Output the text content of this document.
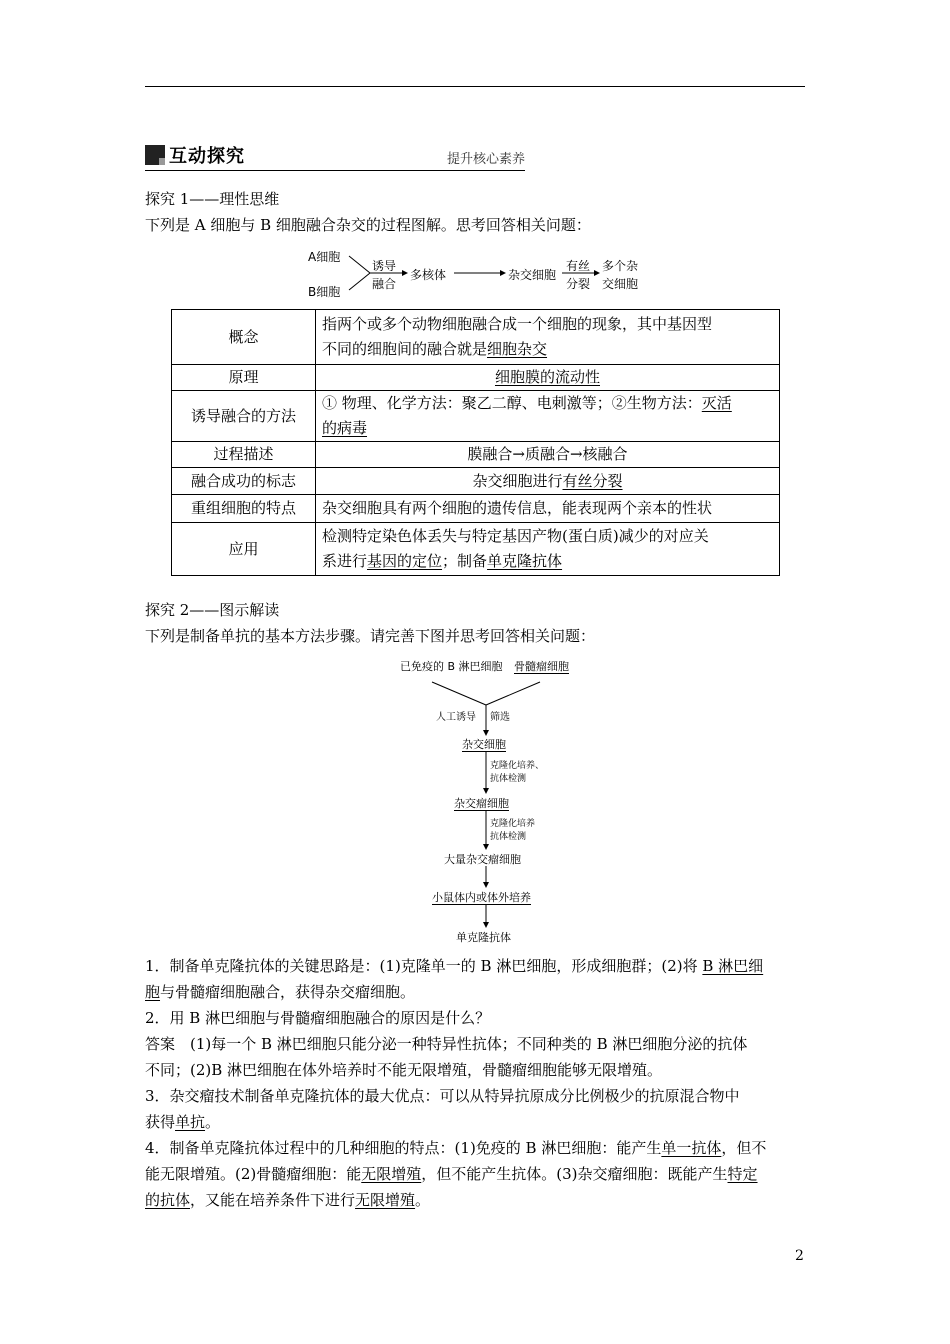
互动探究	提升核心素养
探究 1——理性思维
下列是 A 细胞与 B 细胞融合杂交的过程图解。思考回答相关问题：
A细胞
B细胞
诱导
融合
多核体	杂交细胞
有丝
分裂
多个杂
交细胞
概念	指两个或多个动物细胞融合成一个细胞的现象，其中基因型
不同的细胞间的融合就是细胞杂交
原理	细胞膜的流动性
诱导融合的方法	① 物理、化学方法：聚乙二醇、电刺激等；②生物方法：灭活
的病毒
过程描述	膜融合→质融合→核融合
融合成功的标志	杂交细胞进行有丝分裂
重组细胞的特点	杂交细胞具有两个细胞的遗传信息，能表现两个亲本的性状
应用	检测特定染色体丢失与特定基因产物(蛋白质)减少的对应关
系进行基因的定位；制备单克隆抗体
探究 2——图示解读
下列是制备单抗的基本方法步骤。请完善下图并思考回答相关问题：
已免疫的 B 淋巴细胞 骨髓瘤细胞
人工诱导 筛选
杂交细胞
克隆化培养、
抗体检测
杂交瘤细胞
克隆化培养
抗体检测
大量杂交瘤细胞
小鼠体内或体外培养
单克隆抗体
1．制备单克隆抗体的关键思路是：(1)克隆单一的 B 淋巴细胞，形成细胞群；(2)将 B 淋巴细
胞与骨髓瘤细胞融合，获得杂交瘤细胞。
2．用 B 淋巴细胞与骨髓瘤细胞融合的原因是什么？
答案　(1)每一个 B 淋巴细胞只能分泌一种特异性抗体；不同种类的 B 淋巴细胞分泌的抗体
不同；(2)B 淋巴细胞在体外培养时不能无限增殖，骨髓瘤细胞能够无限增殖。
3．杂交瘤技术制备单克隆抗体的最大优点：可以从特异抗原成分比例极少的抗原混合物中
获得单抗。
4．制备单克隆抗体过程中的几种细胞的特点：(1)免疫的 B 淋巴细胞：能产生单一抗体，但不
能无限增殖。(2)骨髓瘤细胞：能无限增殖，但不能产生抗体。(3)杂交瘤细胞：既能产生特定
的抗体，又能在培养条件下进行无限增殖。
2
